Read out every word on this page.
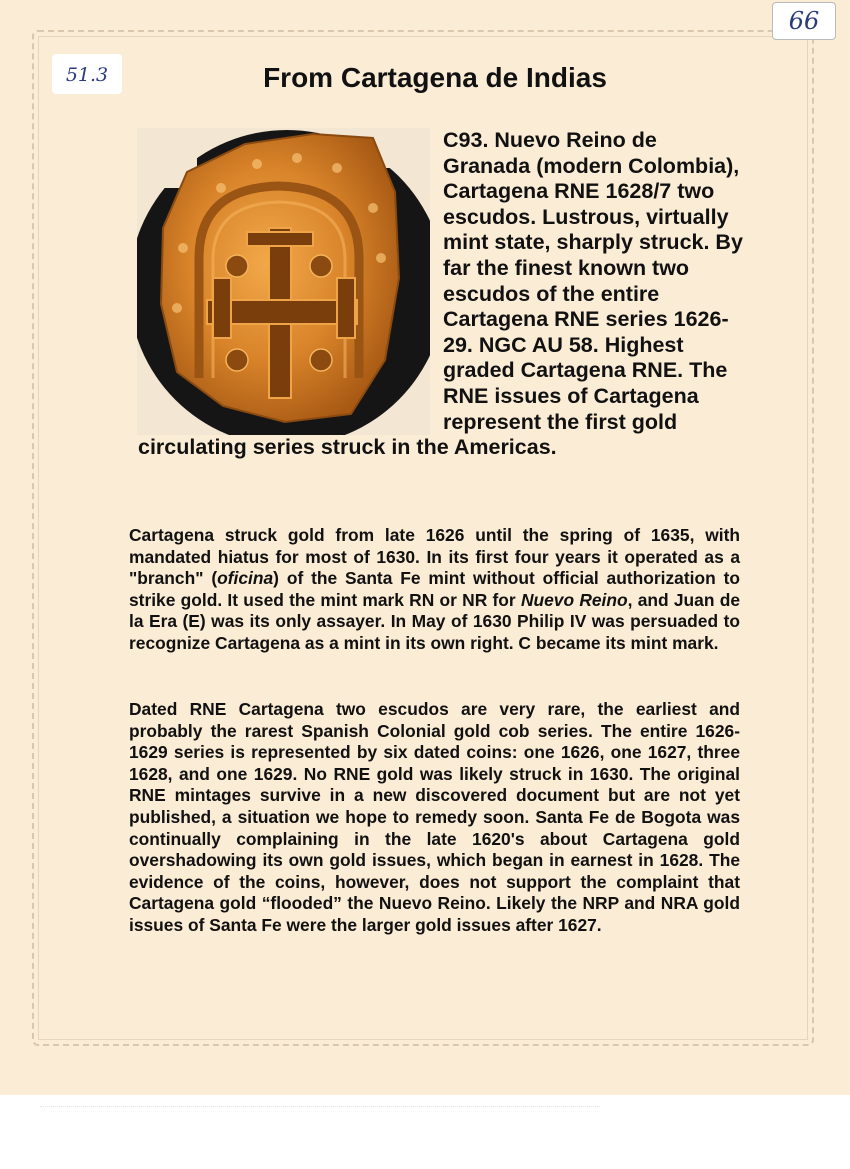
66
51.3	From Cartagena de Indias

C93. Nuevo Reino de Granada (modern Colombia), Cartagena RNE 1628/7 two escudos. Lustrous, virtually mint state, sharply struck. By far the finest known two escudos of the entire Cartagena RNE series 1626-29. NGC AU 58. Highest graded Cartagena RNE. The RNE issues of Cartagena represent the first gold circulating series struck in the Americas.

Cartagena struck gold from late 1626 until the spring of 1635, with mandated hiatus for most of 1630. In its first four years it operated as a "branch" (oficina) of the Santa Fe mint without official authorization to strike gold. It used the mint mark RN or NR for Nuevo Reino, and Juan de la Era (E) was its only assayer. In May of 1630 Philip IV was persuaded to recognize Cartagena as a mint in its own right. C became its mint mark.

Dated RNE Cartagena two escudos are very rare, the earliest and probably the rarest Spanish Colonial gold cob series. The entire 1626-1629 series is represented by six dated coins: one 1626, one 1627, three 1628, and one 1629. No RNE gold was likely struck in 1630. The original RNE mintages survive in a new discovered document but are not yet published, a situation we hope to remedy soon. Santa Fe de Bogota was continually complaining in the late 1620's about Cartagena gold overshadowing its own gold issues, which began in earnest in 1628. The evidence of the coins, however, does not support the complaint that Cartagena gold “flooded” the Nuevo Reino. Likely the NRP and NRA gold issues of Santa Fe were the larger gold issues after 1627.
